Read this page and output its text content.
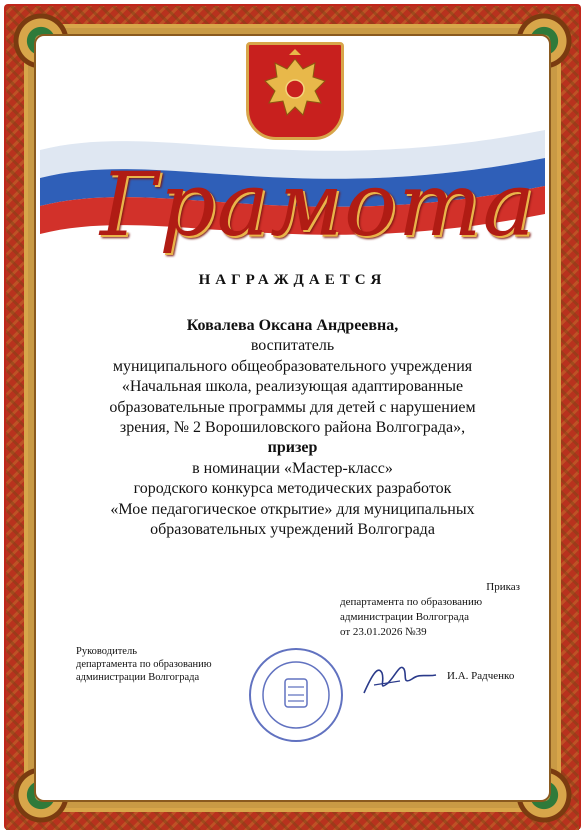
Грамота
НАГРАЖДАЕТСЯ
Ковалева Оксана Андреевна,
воспитатель
муниципального общеобразовательного учреждения
«Начальная школа, реализующая адаптированные
образовательные программы для детей с нарушением
зрения, № 2 Ворошиловского района Волгограда»,
призер
в номинации «Мастер-класс»
городского конкурса методических разработок
«Мое педагогическое открытие» для муниципальных
образовательных учреждений Волгограда
Приказ
департамента по образованию
администрации Волгограда
от 23.01.2026 №39
Руководитель
департамента по образованию
администрации Волгограда	И.А. Радченко
